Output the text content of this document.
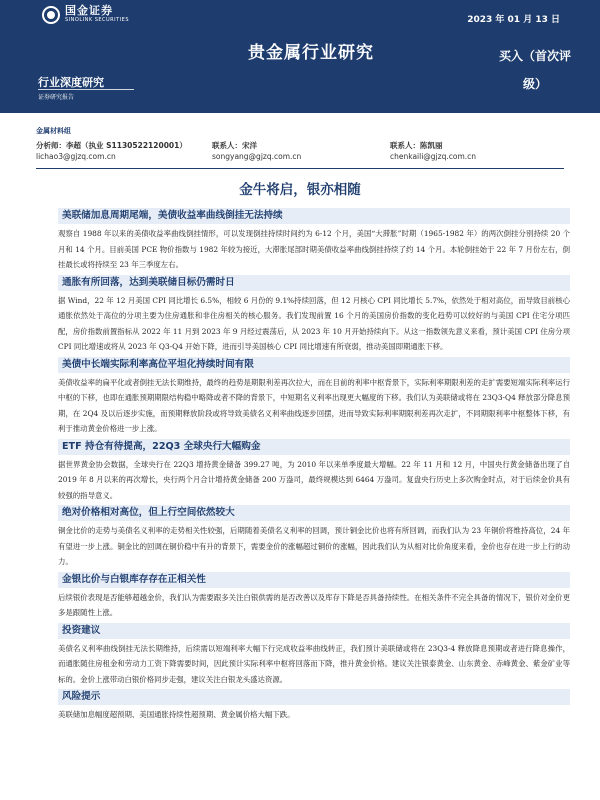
国金证券
SINOLINK SECURITIES	2023 年 01 月 13 日
贵金属行业研究	买入（首次评级）
行业深度研究
证券研究报告
金属材料组
分析师：李超（执业 S1130522120001）
lichao3@gjzq.com.cn
联系人：宋洋
songyang@gjzq.com.cn
联系人：陈凯丽
chenkaili@gjzq.com.cn
金牛将启，银亦相随
美联储加息周期尾端，美债收益率曲线倒挂无法持续

观察自 1988 年以来的美债收益率曲线倒挂情形，可以发现倒挂持续时间约为 6-12 个月，美国“大滞胀”时期（1965-1982 年）的两次倒挂分别持续 20 个月和 14 个月。目前美国 PCE 物价指数与 1982 年较为接近，大滞胀尾部时期美债收益率曲线倒挂持续了约 14 个月。本轮倒挂始于 22 年 7 月份左右，倒挂最长或将持续至 23 年三季度左右。

通胀有所回落，达到美联储目标仍需时日

据 Wind，22 年 12 月美国 CPI 同比增长 6.5%，相较 6 月份的 9.1%持续回落，但 12 月核心 CPI 同比增长 5.7%，依然处于相对高位，而导致目前核心通胀依然处于高位的分项主要为住房通胀和非住房相关的核心服务。我们发现前置 16 个月的美国房价指数的变化趋势可以较好的与美国 CPI 住宅分项匹配，房价指数前置指标从 2022 年 11 月到 2023 年 9 月经过震荡后，从 2023 年 10 月开始持续向下。从这一指数领先意义来看，预计美国 CPI 住房分项 CPI 同比增速或将从 2023 年 Q3-Q4 开始下降，进而引导美国核心 CPI 同比增速有所衰弱，推动美国即期通胀下移。

美债中长端实际利率高位平坦化持续时间有限

美债收益率的扁平化或者倒挂无法长期维持，最终的趋势是期限利差再次拉大，而在目前的利率中枢背景下，实际利率期限利差的走扩需要短端实际利率运行中枢的下移，也即在通胀预期期限结构稳中略降或者不降的背景下，中短期名义利率出现更大幅度的下移。我们认为美联储或将在 23Q3-Q4 释放部分降息预期，在 2Q4 及以后逐步实施，而预期释放阶段或将导致美债名义利率曲线逐步回摆，进而导致实际利率期限利差再次走扩，不同期限利率中枢整体下移，有利于推动黄金价格进一步上涨。

ETF 持仓有待提高，22Q3 全球央行大幅购金

据世界黄金协会数据，全球央行在 22Q3 增持黄金储备 399.27 吨，为 2010 年以来单季度最大增幅。22 年 11 月和 12 月，中国央行黄金储备出现了自 2019 年 8 月以来的再次增长，央行两个月合计增持黄金储备 200 万盎司，最终规模达到 6464 万盎司。复盘央行历史上多次购金时点，对于后续金价具有较强的指导意义。

绝对价格相对高位，但上行空间依然较大

铜金比价的走势与美债名义利率的走势相关性较强，后期随着美债名义利率的回调，预计铜金比价也将有所回调，而我们认为 23 年铜价将维持高位，24 年有望进一步上涨。铜金比的回调在铜价稳中有升的背景下，需要金价的涨幅超过铜价的涨幅，因此我们认为从相对比价角度来看，金价也存在进一步上行的动力。

金银比价与白银库存存在正相关性

后续银价表现是否能够超越金价，我们认为需要跟多关注白银供需的是否改善以及库存下降是否具备持续性。在相关条件不完全具备的情况下，银价对金价更多是跟随性上涨。

投资建议

美债名义利率曲线倒挂无法长期维持，后续需以短端利率大幅下行完成收益率曲线转正，我们预计美联储或将在 23Q3-4 释放降息预期或者进行降息操作，而通胀随住房租金和劳动力工资下降需要时间，因此预计实际利率中枢将回落而下降，推升黄金价格。建议关注银泰黄金、山东黄金、赤峰黄金、紫金矿业等标的。金价上涨带动白银价格同步走强，建议关注白银龙头盛达资源。

风险提示

美联储加息幅度超预期、美国通胀持续性超预期、黄金属价格大幅下跌。
